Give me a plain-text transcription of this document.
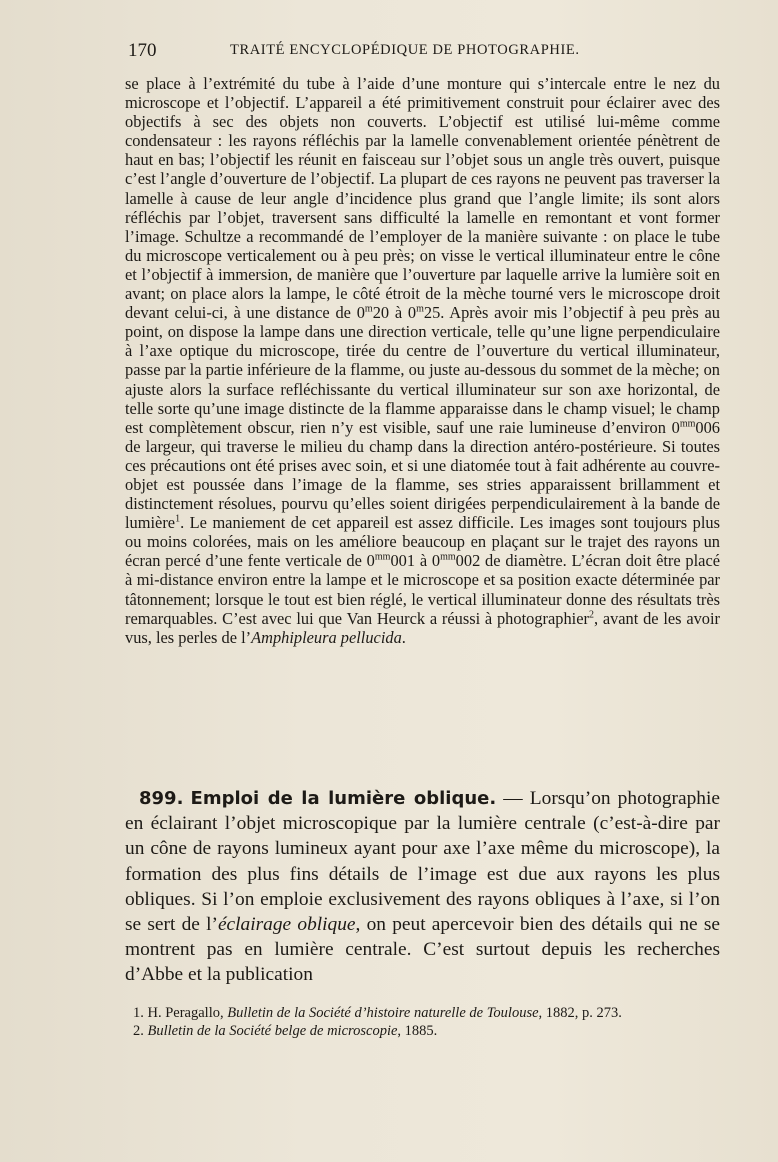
170	TRAITÉ ENCYCLOPÉDIQUE DE PHOTOGRAPHIE.

se place à l’extrémité du tube à l’aide d’une monture qui s’intercale entre le nez du microscope et l’objectif. L’appareil a été primitivement construit pour éclairer avec des objectifs à sec des objets non couverts. L’objectif est utilisé lui-même comme condensateur : les rayons réfléchis par la lamelle convenablement orientée pénètrent de haut en bas; l’objectif les réunit en faisceau sur l’objet sous un angle très ouvert, puisque c’est l’angle d’ouverture de l’objectif. La plupart de ces rayons ne peuvent pas traverser la lamelle à cause de leur angle d’incidence plus grand que l’angle limite; ils sont alors réfléchis par l’objet, traversent sans difficulté la lamelle en remontant et vont former l’image. Schultze a recommandé de l’employer de la manière suivante : on place le tube du microscope verticalement ou à peu près; on visse le vertical illuminateur entre le cône et l’objectif à immersion, de manière que l’ouverture par laquelle arrive la lumière soit en avant; on place alors la lampe, le côté étroit de la mèche tourné vers le microscope droit devant celui-ci, à une distance de 0$^m$20 à 0$^m$25. Après avoir mis l’objectif à peu près au point, on dispose la lampe dans une direction verticale, telle qu’une ligne perpendiculaire à l’axe optique du microscope, tirée du centre de l’ouverture du vertical illuminateur, passe par la partie inférieure de la flamme, ou juste au-dessous du sommet de la mèche; on ajuste alors la surface refléchissante du vertical illuminateur sur son axe horizontal, de telle sorte qu’une image distincte de la flamme apparaisse dans le champ visuel; le champ est complètement obscur, rien n’y est visible, sauf une raie lumineuse d’environ $0^{mm}006$ de largeur, qui traverse le milieu du champ dans la direction antéro-postérieure. Si toutes ces précautions ont été prises avec soin, et si une diatomée tout à fait adhérente au couvre-objet est poussée dans l’image de la flamme, ses stries apparaissent brillamment et distinctement résolues, pourvu qu’elles soient dirigées perpendiculairement à la bande de lumière$^1$. Le maniement de cet appareil est assez difficile. Les images sont toujours plus ou moins colorées, mais on les améliore beaucoup en plaçant sur le trajet des rayons un écran percé d’une fente verticale de $0^{mm}001$ à $0^{mm}002$ de diamètre. L’écran doit être placé à mi-distance environ entre la lampe et le microscope et sa position exacte déterminée par tâtonnement; lorsque le tout est bien réglé, le vertical illuminateur donne des résultats très remarquables. C’est avec lui que Van Heurck a réussi à photographier$^2$, avant de les avoir vus, les perles de l’Amphipleura pellucida.

899. Emploi de la lumière oblique. — Lorsqu’on photographie en éclairant l’objet microscopique par la lumière centrale (c’est-à-dire par un cône de rayons lumineux ayant pour axe l’axe même du microscope), la formation des plus fins détails de l’image est due aux rayons les plus obliques. Si l’on emploie exclusivement des rayons obliques à l’axe, si l’on se sert de l’éclairage oblique, on peut apercevoir bien des détails qui ne se montrent pas en lumière centrale. C’est surtout depuis les recherches d’Abbe et la publication

1. H. Peragallo, Bulletin de la Société d’histoire naturelle de Toulouse, 1882, p. 273.

2. Bulletin de la Société belge de microscopie, 1885.
